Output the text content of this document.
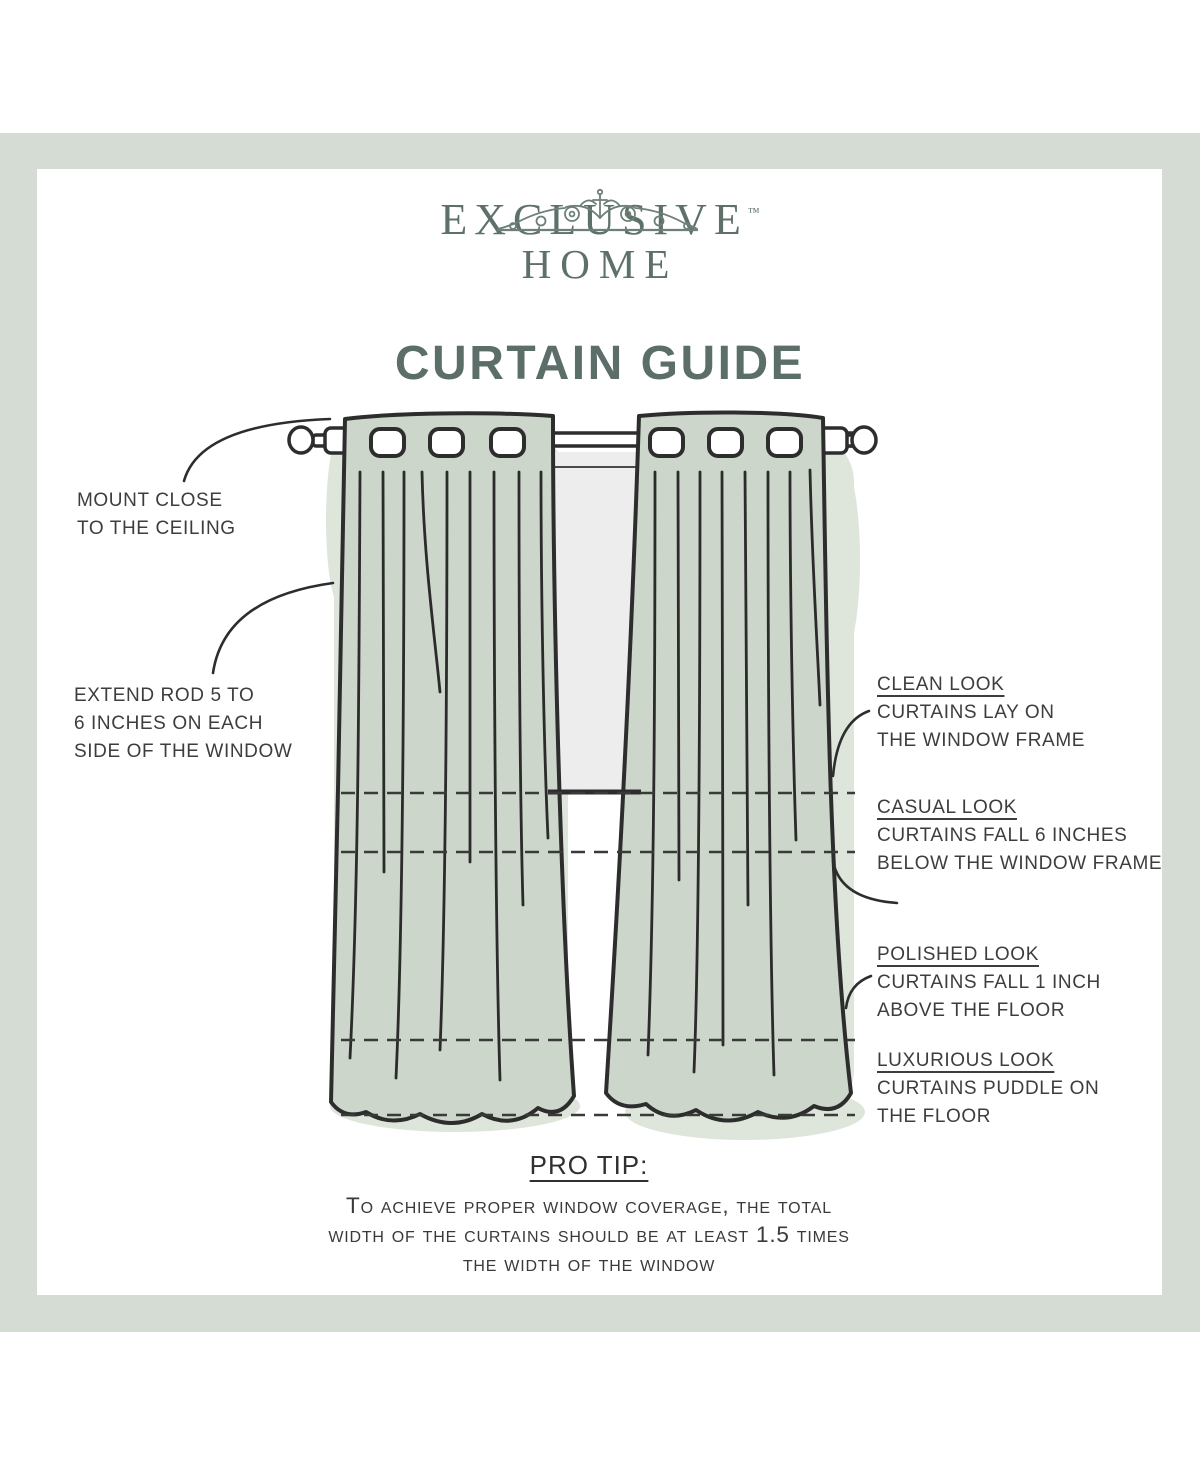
EXCLUSIVE™
HOME
CURTAIN GUIDE
MOUNT CLOSE
TO THE CEILING
EXTEND ROD 5 TO
6 INCHES ON EACH
SIDE OF THE WINDOW
CLEAN LOOK
CURTAINS LAY ON
THE WINDOW FRAME
CASUAL LOOK
CURTAINS FALL 6 INCHES
BELOW THE WINDOW FRAME
POLISHED LOOK
CURTAINS FALL 1 INCH
ABOVE THE FLOOR
LUXURIOUS LOOK
CURTAINS PUDDLE ON
THE FLOOR
PRO TIP:
To achieve proper window coverage, the total
width of the curtains should be at least 1.5 times
the width of the window
